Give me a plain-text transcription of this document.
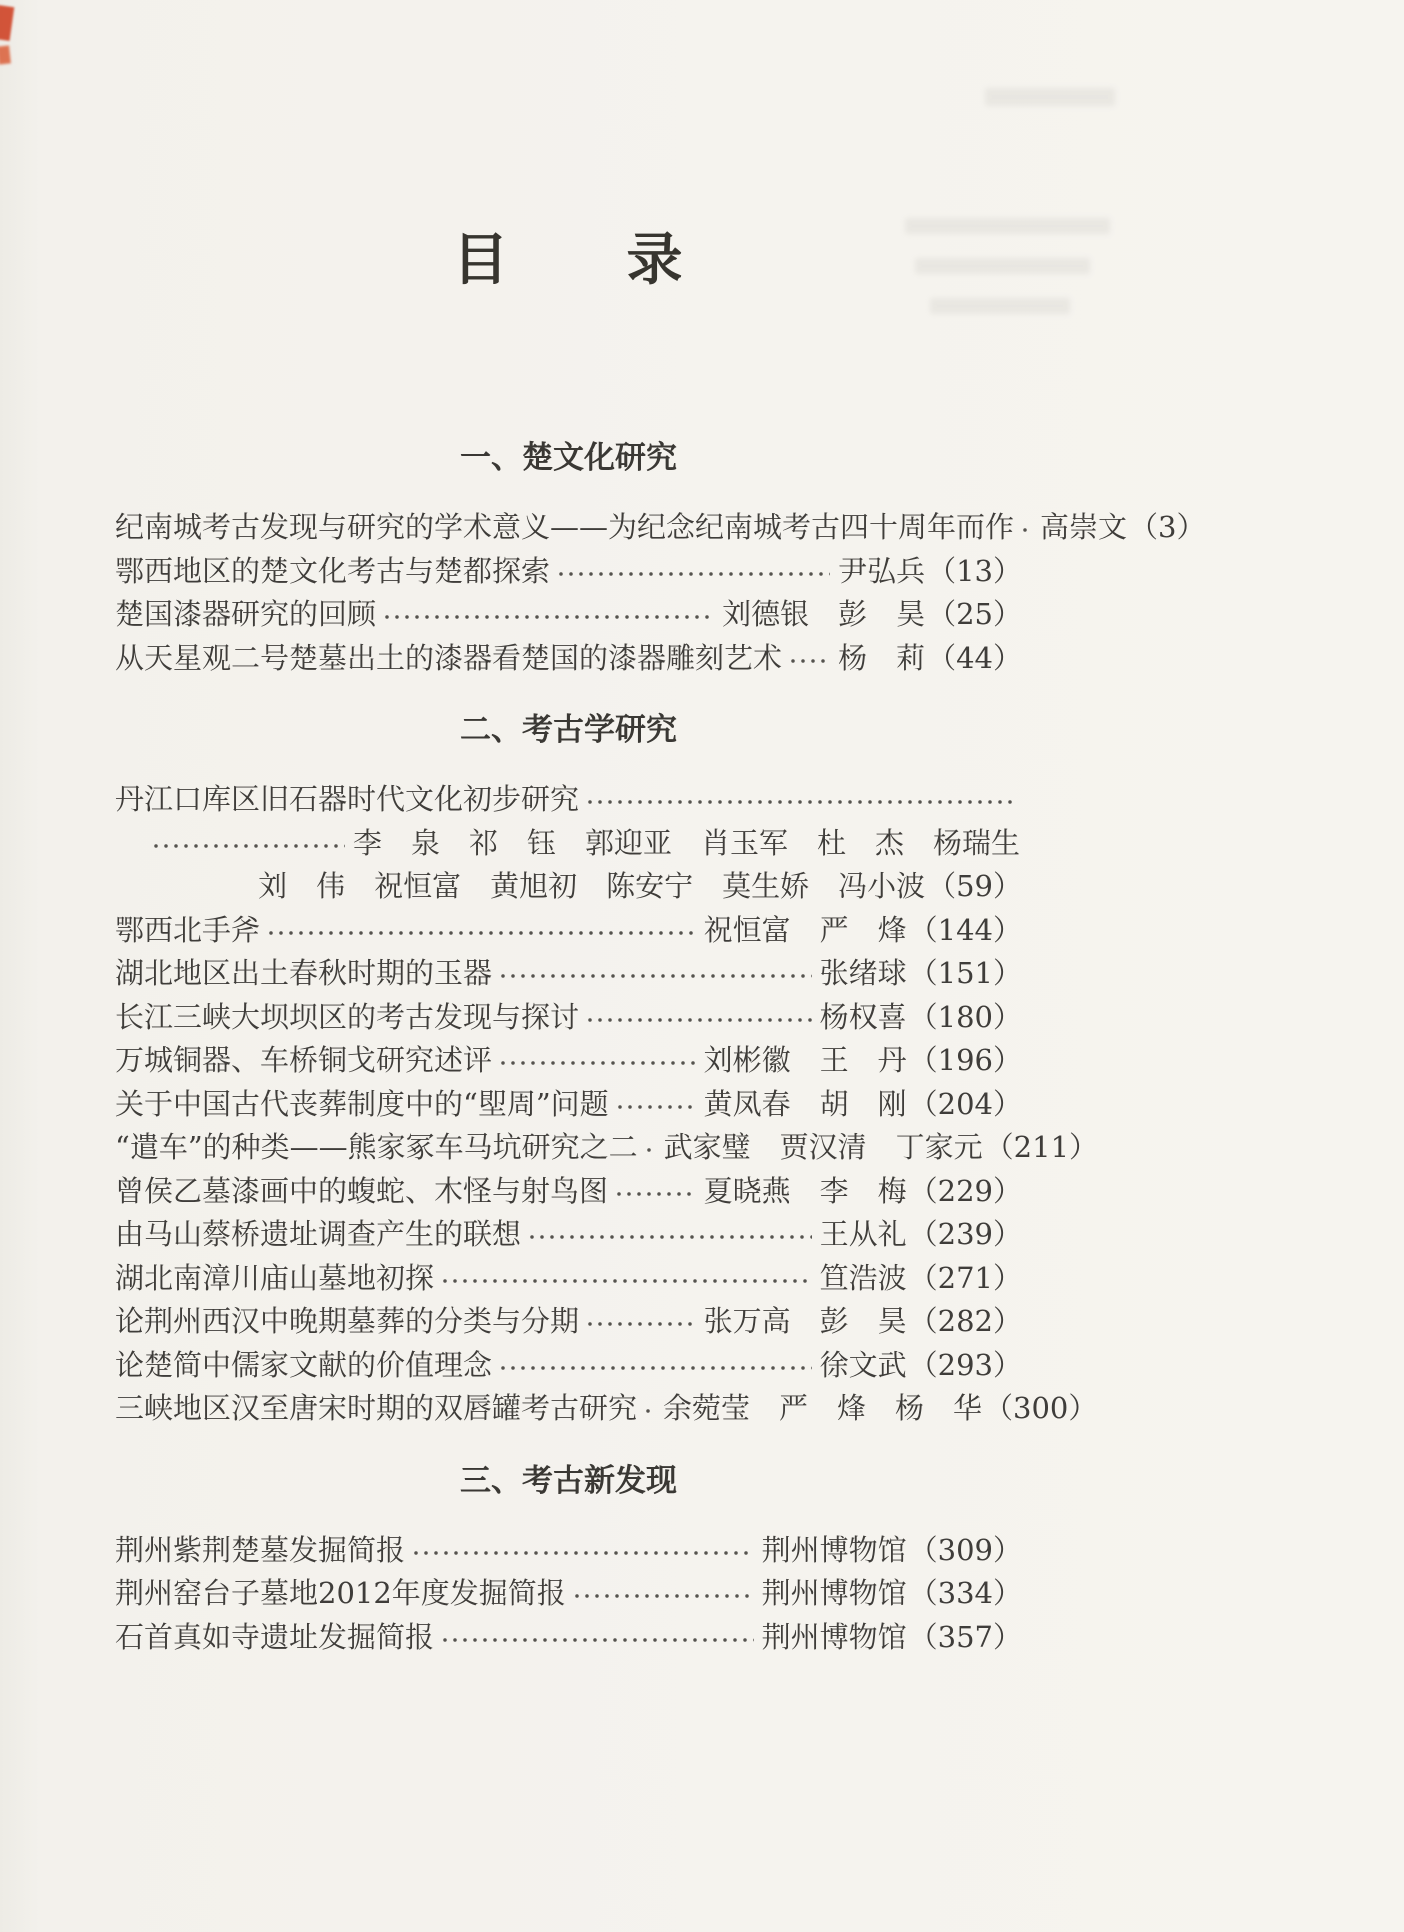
目　　录
一、楚文化研究
纪南城考古发现与研究的学术意义——为纪念纪南城考古四十周年而作 高崇文 （3）
鄂西地区的楚文化考古与楚都探索	尹弘兵 （13）
楚国漆器研究的回顾	刘德银　彭　昊 （25）
从天星观二号楚墓出土的漆器看楚国的漆器雕刻艺术 杨　莉 （44）
二、考古学研究
丹江口库区旧石器时代文化初步研究
李　泉　祁　钰　郭迎亚　肖玉军　杜　杰　杨瑞生
刘　伟　祝恒富　黄旭初　陈安宁　莫生娇　冯小波 （59）
鄂西北手斧	祝恒富　严　烽 （144）
湖北地区出土春秋时期的玉器	张绪球 （151）
长江三峡大坝坝区的考古发现与探讨	杨权喜 （180）
万城铜器、车桥铜戈研究述评	刘彬徽　王　丹 （196）
关于中国古代丧葬制度中的“堲周”问题	黄凤春　胡　刚 （204）
“遣车”的种类——熊家冢车马坑研究之二 武家璧　贾汉清　丁家元 （211）
曾侯乙墓漆画中的蝮蛇、木怪与射鸟图	夏晓燕　李　梅 （229）
由马山蔡桥遗址调查产生的联想	王从礼 （239）
湖北南漳川庙山墓地初探	笪浩波 （271）
论荆州西汉中晚期墓葬的分类与分期	张万高　彭　昊 （282）
论楚简中儒家文献的价值理念	徐文武 （293）
三峡地区汉至唐宋时期的双唇罐考古研究 余菀莹　严　烽　杨　华 （300）
三、考古新发现
荆州紫荆楚墓发掘简报	荆州博物馆 （309）
荆州窑台子墓地2012年度发掘简报	荆州博物馆 （334）
石首真如寺遗址发掘简报	荆州博物馆 （357）
